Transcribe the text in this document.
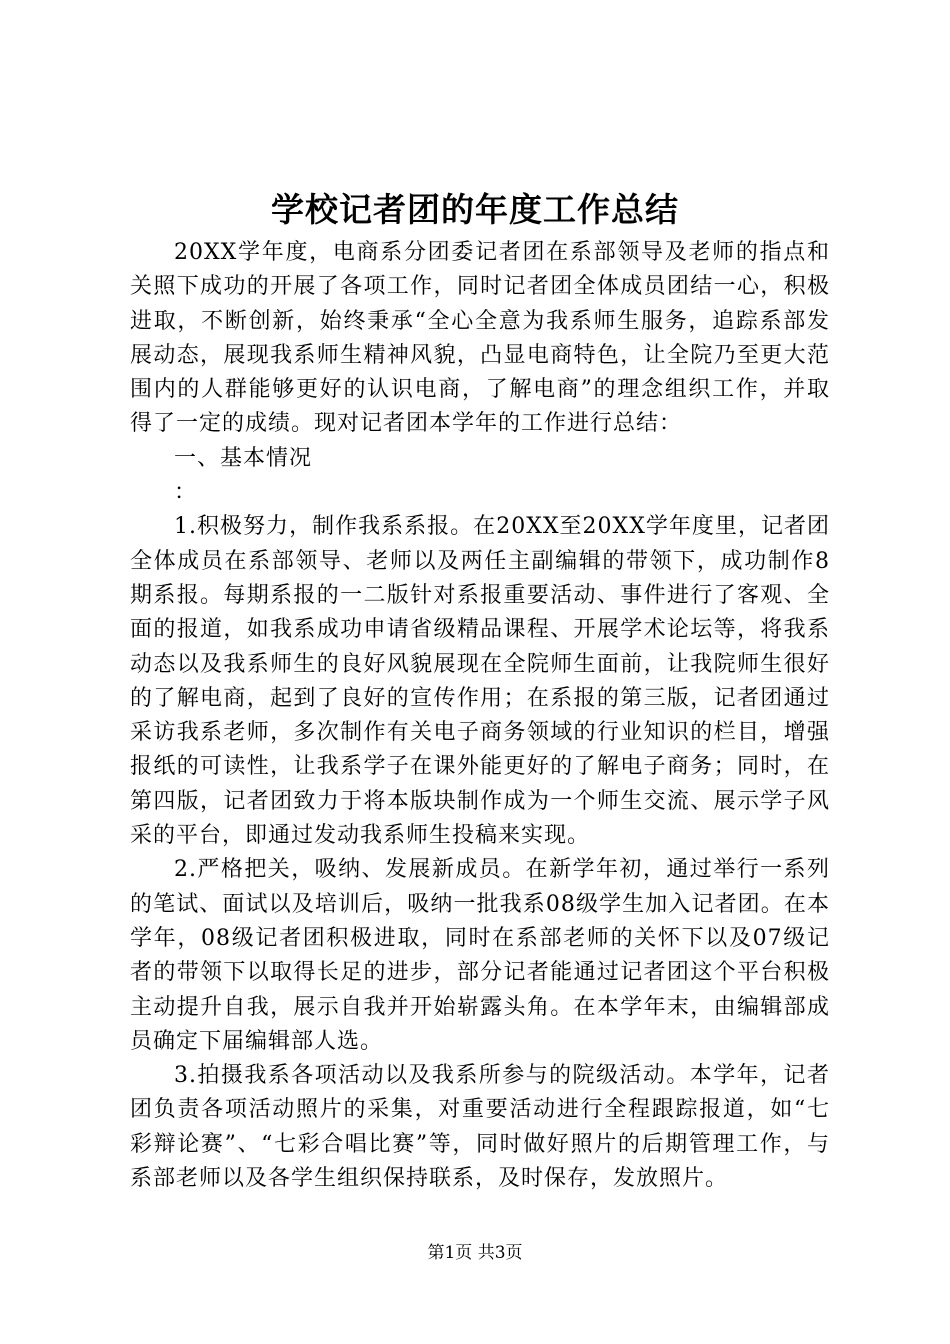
学校记者团的年度工作总结

20XX学年度，电商系分团委记者团在系部领导及老师的指点和关照下成功的开展了各项工作，同时记者团全体成员团结一心，积极进取，不断创新，始终秉承“全心全意为我系师生服务，追踪系部发展动态，展现我系师生精神风貌，凸显电商特色，让全院乃至更大范围内的人群能够更好的认识电商，了解电商”的理念组织工作，并取得了一定的成绩。现对记者团本学年的工作进行总结：

一、基本情况

：

1.积极努力，制作我系系报。在20XX至20XX学年度里，记者团全体成员在系部领导、老师以及两任主副编辑的带领下，成功制作8期系报。每期系报的一二版针对系报重要活动、事件进行了客观、全面的报道，如我系成功申请省级精品课程、开展学术论坛等，将我系动态以及我系师生的良好风貌展现在全院师生面前，让我院师生很好的了解电商，起到了良好的宣传作用；在系报的第三版，记者团通过采访我系老师，多次制作有关电子商务领域的行业知识的栏目，增强报纸的可读性，让我系学子在课外能更好的了解电子商务；同时，在第四版，记者团致力于将本版块制作成为一个师生交流、展示学子风采的平台，即通过发动我系师生投稿来实现。

2.严格把关，吸纳、发展新成员。在新学年初，通过举行一系列的笔试、面试以及培训后，吸纳一批我系08级学生加入记者团。在本学年，08级记者团积极进取，同时在系部老师的关怀下以及07级记者的带领下以取得长足的进步，部分记者能通过记者团这个平台积极主动提升自我，展示自我并开始崭露头角。在本学年末，由编辑部成员确定下届编辑部人选。

3.拍摄我系各项活动以及我系所参与的院级活动。本学年，记者团负责各项活动照片的采集，对重要活动进行全程跟踪报道，如“七彩辩论赛”、“七彩合唱比赛”等，同时做好照片的后期管理工作，与系部老师以及各学生组织保持联系，及时保存，发放照片。

第1页 共3页
